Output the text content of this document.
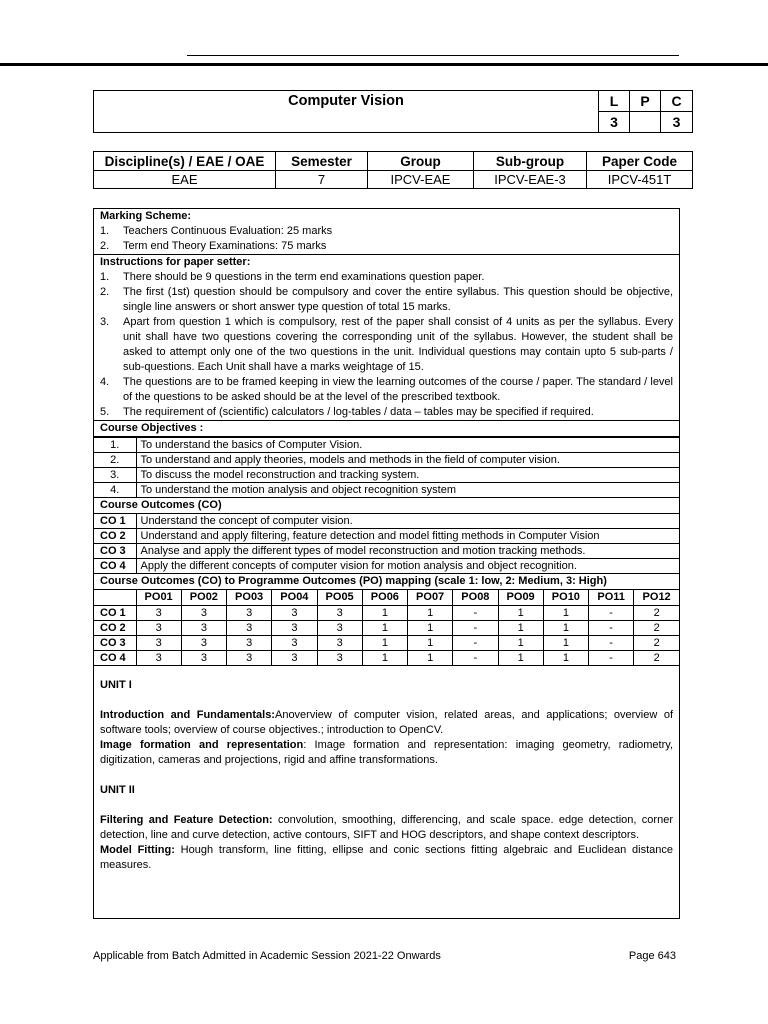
Computer Vision	L	P	C
	3		3
Discipline(s) / EAE / OAE	Semester	Group	Sub-group	Paper Code
EAE	7	IPCV-EAE	IPCV-EAE-3	IPCV-451T
Marking Scheme:
1. Teachers Continuous Evaluation: 25 marks
2. Term end Theory Examinations: 75 marks
Instructions for paper setter:
1. There should be 9 questions in the term end examinations question paper.
2. The first (1st) question should be compulsory and cover the entire syllabus. This question should be objective, single line answers or short answer type question of total 15 marks.
3. Apart from question 1 which is compulsory, rest of the paper shall consist of 4 units as per the syllabus. Every unit shall have two questions covering the corresponding unit of the syllabus. However, the student shall be asked to attempt only one of the two questions in the unit. Individual questions may contain upto 5 sub-parts / sub-questions. Each Unit shall have a marks weightage of 15.
4. The questions are to be framed keeping in view the learning outcomes of the course / paper. The standard / level of the questions to be asked should be at the level of the prescribed textbook.
5. The requirement of (scientific) calculators / log-tables / data – tables may be specified if required.
Course Objectives :
1.	To understand the basics of Computer Vision.
2.	To understand and apply theories, models and methods in the field of computer vision.
3.	To discuss the model reconstruction and tracking system.
4.	To understand the motion analysis and object recognition system
Course Outcomes (CO)
CO 1	Understand the concept of computer vision.
CO 2	Understand and apply filtering, feature detection and model fitting methods in Computer Vision
CO 3	Analyse and apply the different types of model reconstruction and motion tracking methods.
CO 4	Apply the different concepts of computer vision for motion analysis and object recognition.
Course Outcomes (CO) to Programme Outcomes (PO) mapping (scale 1: low, 2: Medium, 3: High)
	PO01	PO02	PO03	PO04	PO05	PO06	PO07	PO08	PO09	PO10	PO11	PO12
CO 1	3	3	3	3	3	1	1	-	1	1	-	2
CO 2	3	3	3	3	3	1	1	-	1	1	-	2
CO 3	3	3	3	3	3	1	1	-	1	1	-	2
CO 4	3	3	3	3	3	1	1	-	1	1	-	2

UNIT I

Introduction and Fundamentals:Anoverview of computer vision, related areas, and applications; overview of software tools; overview of course objectives.; introduction to OpenCV.

Image formation and representation: Image formation and representation: imaging geometry, radiometry, digitization, cameras and projections, rigid and affine transformations.

UNIT II

Filtering and Feature Detection: convolution, smoothing, differencing, and scale space. edge detection, corner detection, line and curve detection, active contours, SIFT and HOG descriptors, and shape context descriptors.

Model Fitting: Hough transform, line fitting, ellipse and conic sections fitting algebraic and Euclidean distance measures.

Applicable from Batch Admitted in Academic Session 2021-22 Onwards	Page 643
